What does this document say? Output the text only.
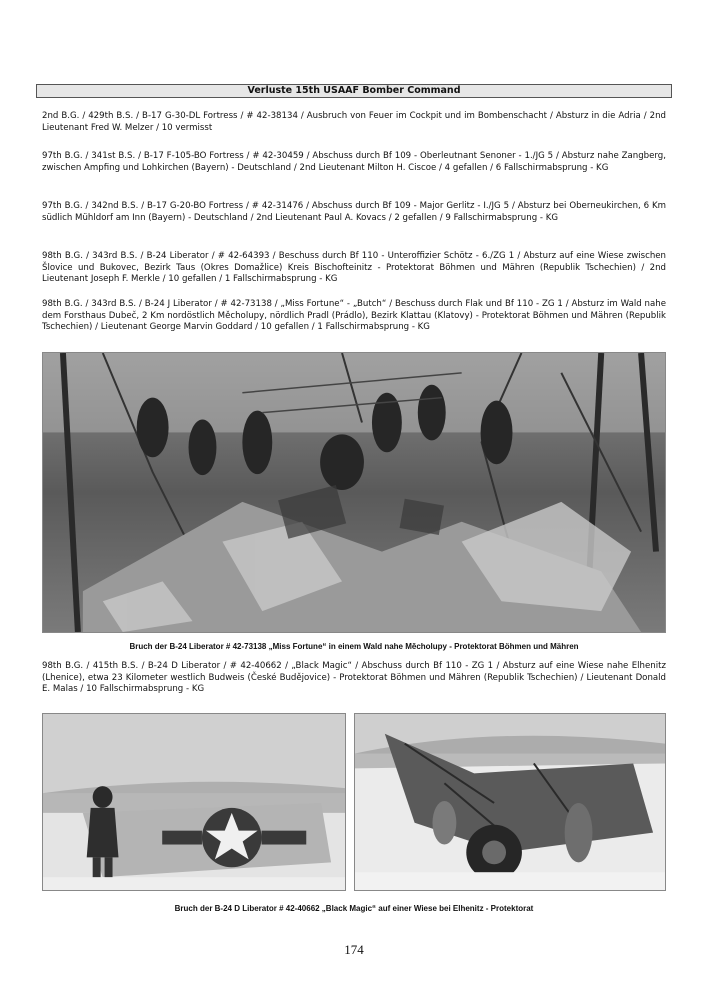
Verluste 15th USAAF Bomber Command

2nd B.G. / 429th B.S. / B-17 G-30-DL Fortress / # 42-38134 / Ausbruch von Feuer im Cockpit und im Bombenschacht / Absturz in die Adria / 2nd Lieutenant Fred W. Melzer / 10 vermisst

97th B.G. / 341st B.S. / B-17 F-105-BO Fortress / # 42-30459 / Abschuss durch Bf 109 - Oberleutnant Senoner - 1./JG 5 / Absturz nahe Zangberg, zwischen Ampfing und Lohkirchen (Bayern) - Deutschland / 2nd Lieutenant Milton H. Ciscoe / 4 gefallen / 6 Fallschirmabsprung - KG

97th B.G. / 342nd B.S. / B-17 G-20-BO Fortress / # 42-31476 / Abschuss durch Bf 109 - Major Gerlitz - I./JG 5 / Absturz bei Oberneukirchen, 6 Km südlich Mühldorf am Inn (Bayern) - Deutschland / 2nd Lieutenant Paul A. Kovacs / 2 gefallen / 9 Fallschirmabsprung - KG

98th B.G. / 343rd B.S. / B-24 Liberator / # 42-64393 / Beschuss durch Bf 110 - Unteroffizier Schötz - 6./ZG 1 / Absturz auf eine Wiese zwischen Šlovice und Bukovec, Bezirk Taus (Okres Domažlice) Kreis Bischofteinitz - Protektorat Böhmen und Mähren (Republik Tschechien) / 2nd Lieutenant Joseph F. Merkle / 10 gefallen / 1 Fallschirmabsprung - KG

98th B.G. / 343rd B.S. / B-24 J Liberator / # 42-73138 / „Miss Fortune“ - „Butch“ / Beschuss durch Flak und Bf 110 - ZG 1 / Absturz im Wald nahe dem Forsthaus Dubeč, 2 Km nordöstlich Měcholupy, nördlich Pradl (Prádlo), Bezirk Klattau (Klatovy) - Protektorat Böhmen und Mähren (Republik Tschechien) / Lieutenant George Marvin Goddard / 10 gefallen / 1 Fallschirmabsprung - KG

Bruch der B-24 Liberator # 42-73138 „Miss Fortune“ in einem Wald nahe Měcholupy - Protektorat Böhmen und Mähren

98th B.G. / 415th B.S. / B-24 D Liberator / # 42-40662 / „Black Magic“ / Abschuss durch Bf 110 - ZG 1 / Absturz auf eine Wiese nahe Elhenitz (Lhenice), etwa 23 Kilometer westlich Budweis (České Budějovice) - Protektorat Böhmen und Mähren (Republik Tschechien) / Lieutenant Donald E. Malas / 10 Fallschirmabsprung - KG

Bruch der B-24 D Liberator # 42-40662 „Black Magic“ auf einer Wiese bei Elhenitz - Protektorat
174
